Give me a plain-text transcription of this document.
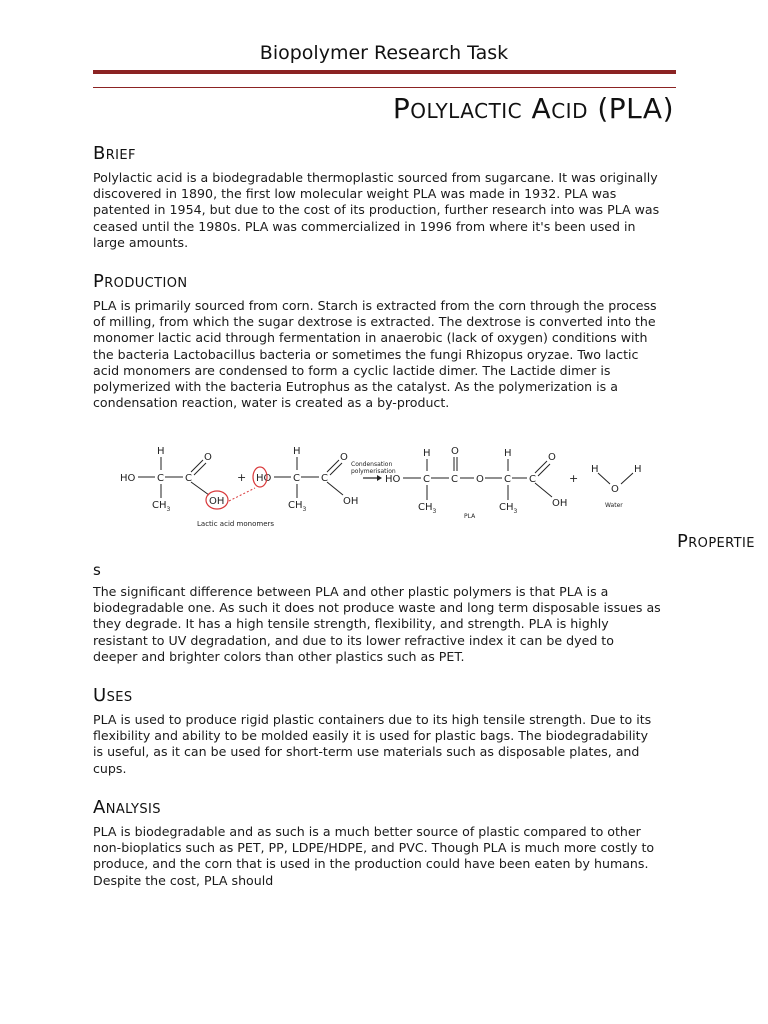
Biopolymer Research Task
Polylactic Acid (PLA)
Brief
Polylactic acid is a biodegradable thermoplastic sourced from sugarcane. It was originally
discovered in 1890, the first low molecular weight PLA was made in 1932. PLA was
patented in 1954, but due to the cost of its production, further research into was PLA was
ceased until the 1980s. PLA was commercialized in 1996 from where it's been used in
large amounts.
Production
PLA is primarily sourced from corn. Starch is extracted from the corn through the process
of milling, from which the sugar dextrose is extracted. The dextrose is converted into the
monomer lactic acid through fermentation in anaerobic (lack of oxygen) conditions with
the bacteria Lactobacillus bacteria or sometimes the fungi Rhizopus oryzae. Two lactic
acid monomers are condensed to form a cyclic lactide dimer. The Lactide dimer is
polymerized with the bacteria Eutrophus as the catalyst. As the polymerization is a
condensation reaction, water is created as a by-product.
H
HO C C
O
OH
$CH_3$
+
Lactic acid monomers
H
HO C C
O
OH
$CH_3$
Condensation
polymerisation
HO
H
C
O
C O
H
C C
O
OH
$CH_3$	$CH_3$
PLA
+
H	H
O
Water
Propertie
s
The significant difference between PLA and other plastic polymers is that PLA is a
biodegradable one. As such it does not produce waste and long term disposable issues as
they degrade. It has a high tensile strength, flexibility, and strength. PLA is highly
resistant to UV degradation, and due to its lower refractive index it can be dyed to
deeper and brighter colors than other plastics such as PET.
Uses
PLA is used to produce rigid plastic containers due to its high tensile strength. Due to its
flexibility and ability to be molded easily it is used for plastic bags. The biodegradability
is useful, as it can be used for short-term use materials such as disposable plates, and
cups.
Analysis
PLA is biodegradable and as such is a much better source of plastic compared to other
non-bioplatics such as PET, PP, LDPE/HDPE, and PVC. Though PLA is much more costly to
produce, and the corn that is used in the production could have been eaten by humans.
Despite the cost, PLA should
